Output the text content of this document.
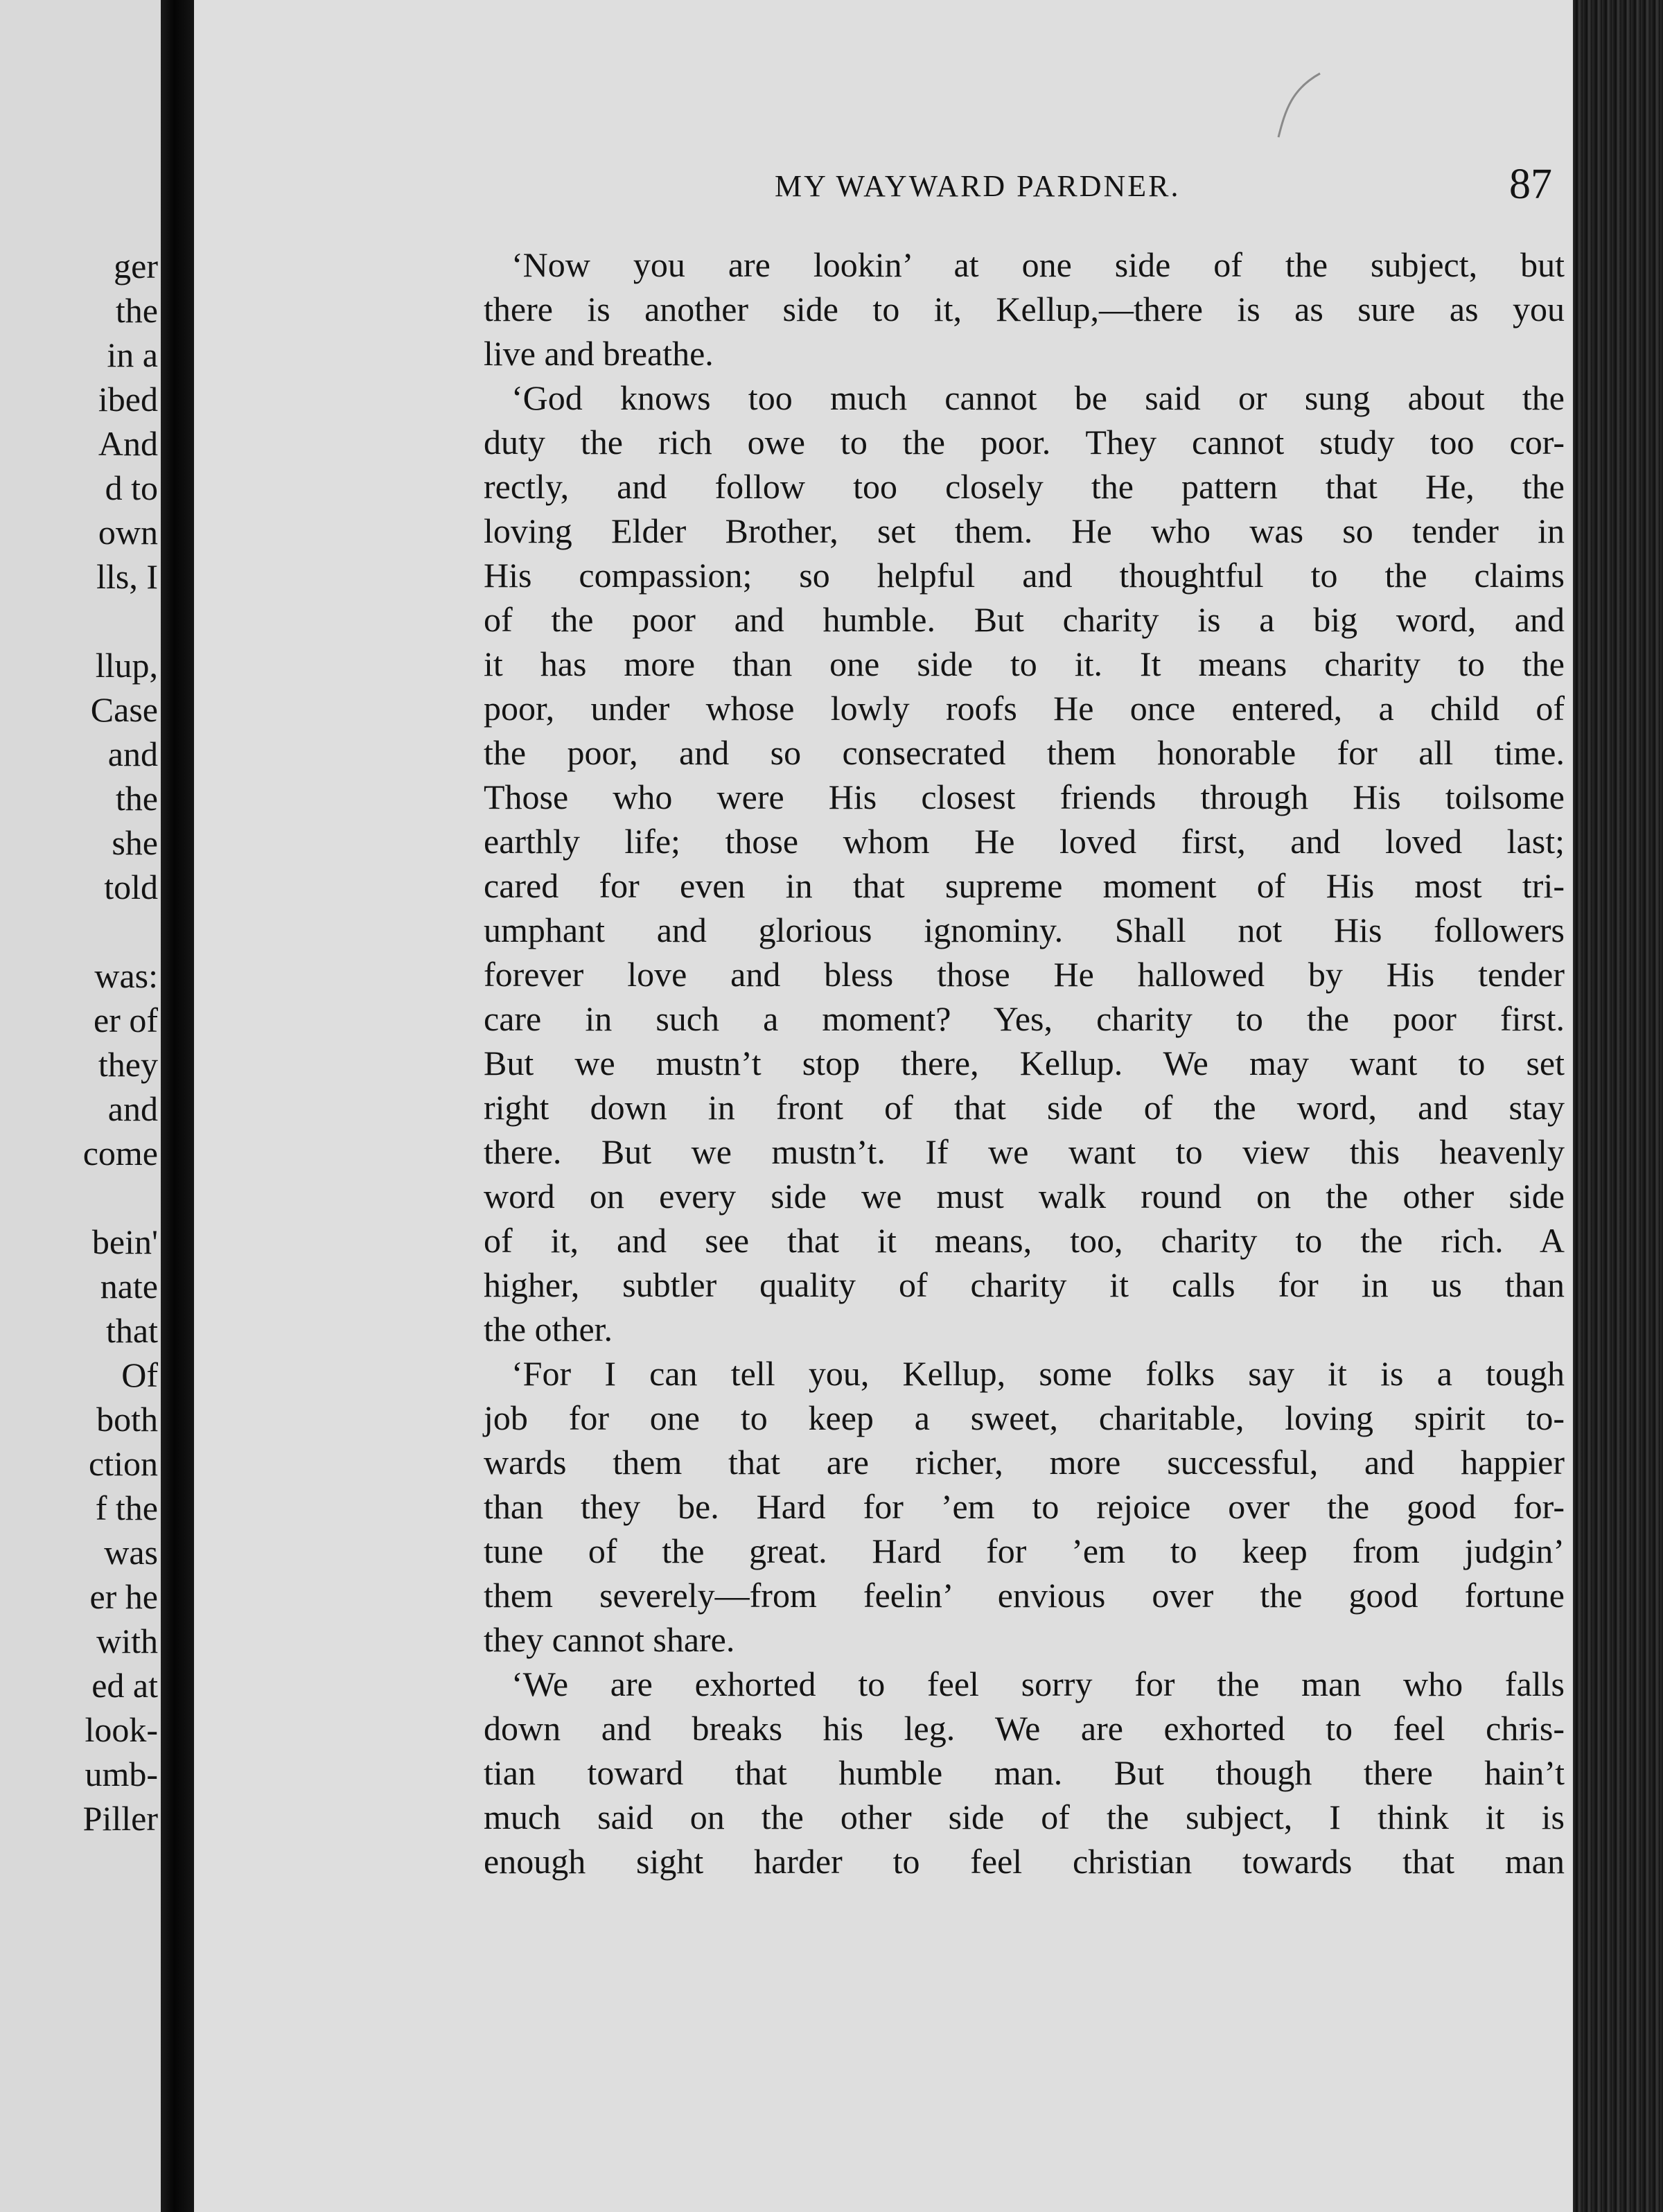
ger
the
in a
ibed
And
d to
own
lls, I
llup,
Case
and
the
she
told
was:
er of
they
and
come
bein'
nate
that
Of
both
ction
f the
was
er he
with
ed at
look-
umb-
Piller
MY WAYWARD PARDNER.	87
‘Now you are lookin’ at one side of the subject, but
there is another side to it, Kellup,—there is as sure as you
live and breathe.
‘God knows too much cannot be said or sung about the
duty the rich owe to the poor. They cannot study too cor-
rectly, and follow too closely the pattern that He, the
loving Elder Brother, set them. He who was so tender in
His compassion; so helpful and thoughtful to the claims
of the poor and humble. But charity is a big word, and
it has more than one side to it. It means charity to the
poor, under whose lowly roofs He once entered, a child of
the poor, and so consecrated them honorable for all time.
Those who were His closest friends through His toilsome
earthly life; those whom He loved first, and loved last;
cared for even in that supreme moment of His most tri-
umphant and glorious ignominy. Shall not His followers
forever love and bless those He hallowed by His tender
care in such a moment? Yes, charity to the poor first.
But we mustn’t stop there, Kellup. We may want to set
right down in front of that side of the word, and stay
there. But we mustn’t. If we want to view this heavenly
word on every side we must walk round on the other side
of it, and see that it means, too, charity to the rich. A
higher, subtler quality of charity it calls for in us than
the other.
‘For I can tell you, Kellup, some folks say it is a tough
job for one to keep a sweet, charitable, loving spirit to-
wards them that are richer, more successful, and happier
than they be. Hard for ’em to rejoice over the good for-
tune of the great. Hard for ’em to keep from judgin’
them severely—from feelin’ envious over the good fortune
they cannot share.
‘We are exhorted to feel sorry for the man who falls
down and breaks his leg. We are exhorted to feel chris-
tian toward that humble man. But though there hain’t
much said on the other side of the subject, I think it is
enough sight harder to feel christian towards that man
